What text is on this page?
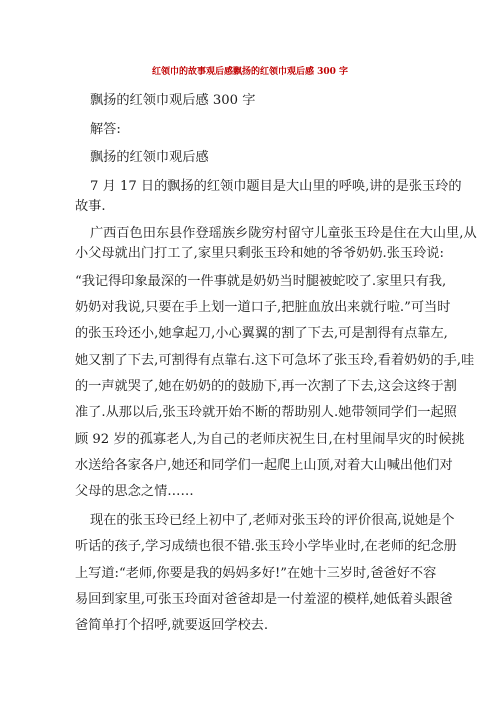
红领巾的故事观后感飘扬的红领巾观后感 300 字
飘扬的红领巾观后感 300 字
解答:
飘扬的红领巾观后感
7 月 17 日的飘扬的红领巾题目是大山里的呼唤,讲的是张玉玲的
故事.
广西百色田东县作登瑶族乡陇穷村留守儿童张玉玲是住在大山里,从
小父母就出门打工了,家里只剩张玉玲和她的爷爷奶奶.张玉玲说:
“我记得印象最深的一件事就是奶奶当时腿被蛇咬了.家里只有我,
奶奶对我说,只要在手上划一道口子,把脏血放出来就行啦.”可当时
的张玉玲还小,她拿起刀,小心翼翼的割了下去,可是割得有点靠左,
她又割了下去,可割得有点靠右.这下可急坏了张玉玲,看着奶奶的手,哇
的一声就哭了,她在奶奶的的鼓励下,再一次割了下去,这会这终于割
准了.从那以后,张玉玲就开始不断的帮助别人.她带领同学们一起照
顾 92 岁的孤寡老人,为自己的老师庆祝生日,在村里闹旱灾的时候挑
水送给各家各户,她还和同学们一起爬上山顶,对着大山喊出他们对
父母的思念之情……
现在的张玉玲已经上初中了,老师对张玉玲的评价很高,说她是个
听话的孩子,学习成绩也很不错.张玉玲小学毕业时,在老师的纪念册
上写道:“老师,你要是我的妈妈多好!”在她十三岁时,爸爸好不容
易回到家里,可张玉玲面对爸爸却是一付羞涩的模样,她低着头跟爸
爸简单打个招呼,就要返回学校去.
